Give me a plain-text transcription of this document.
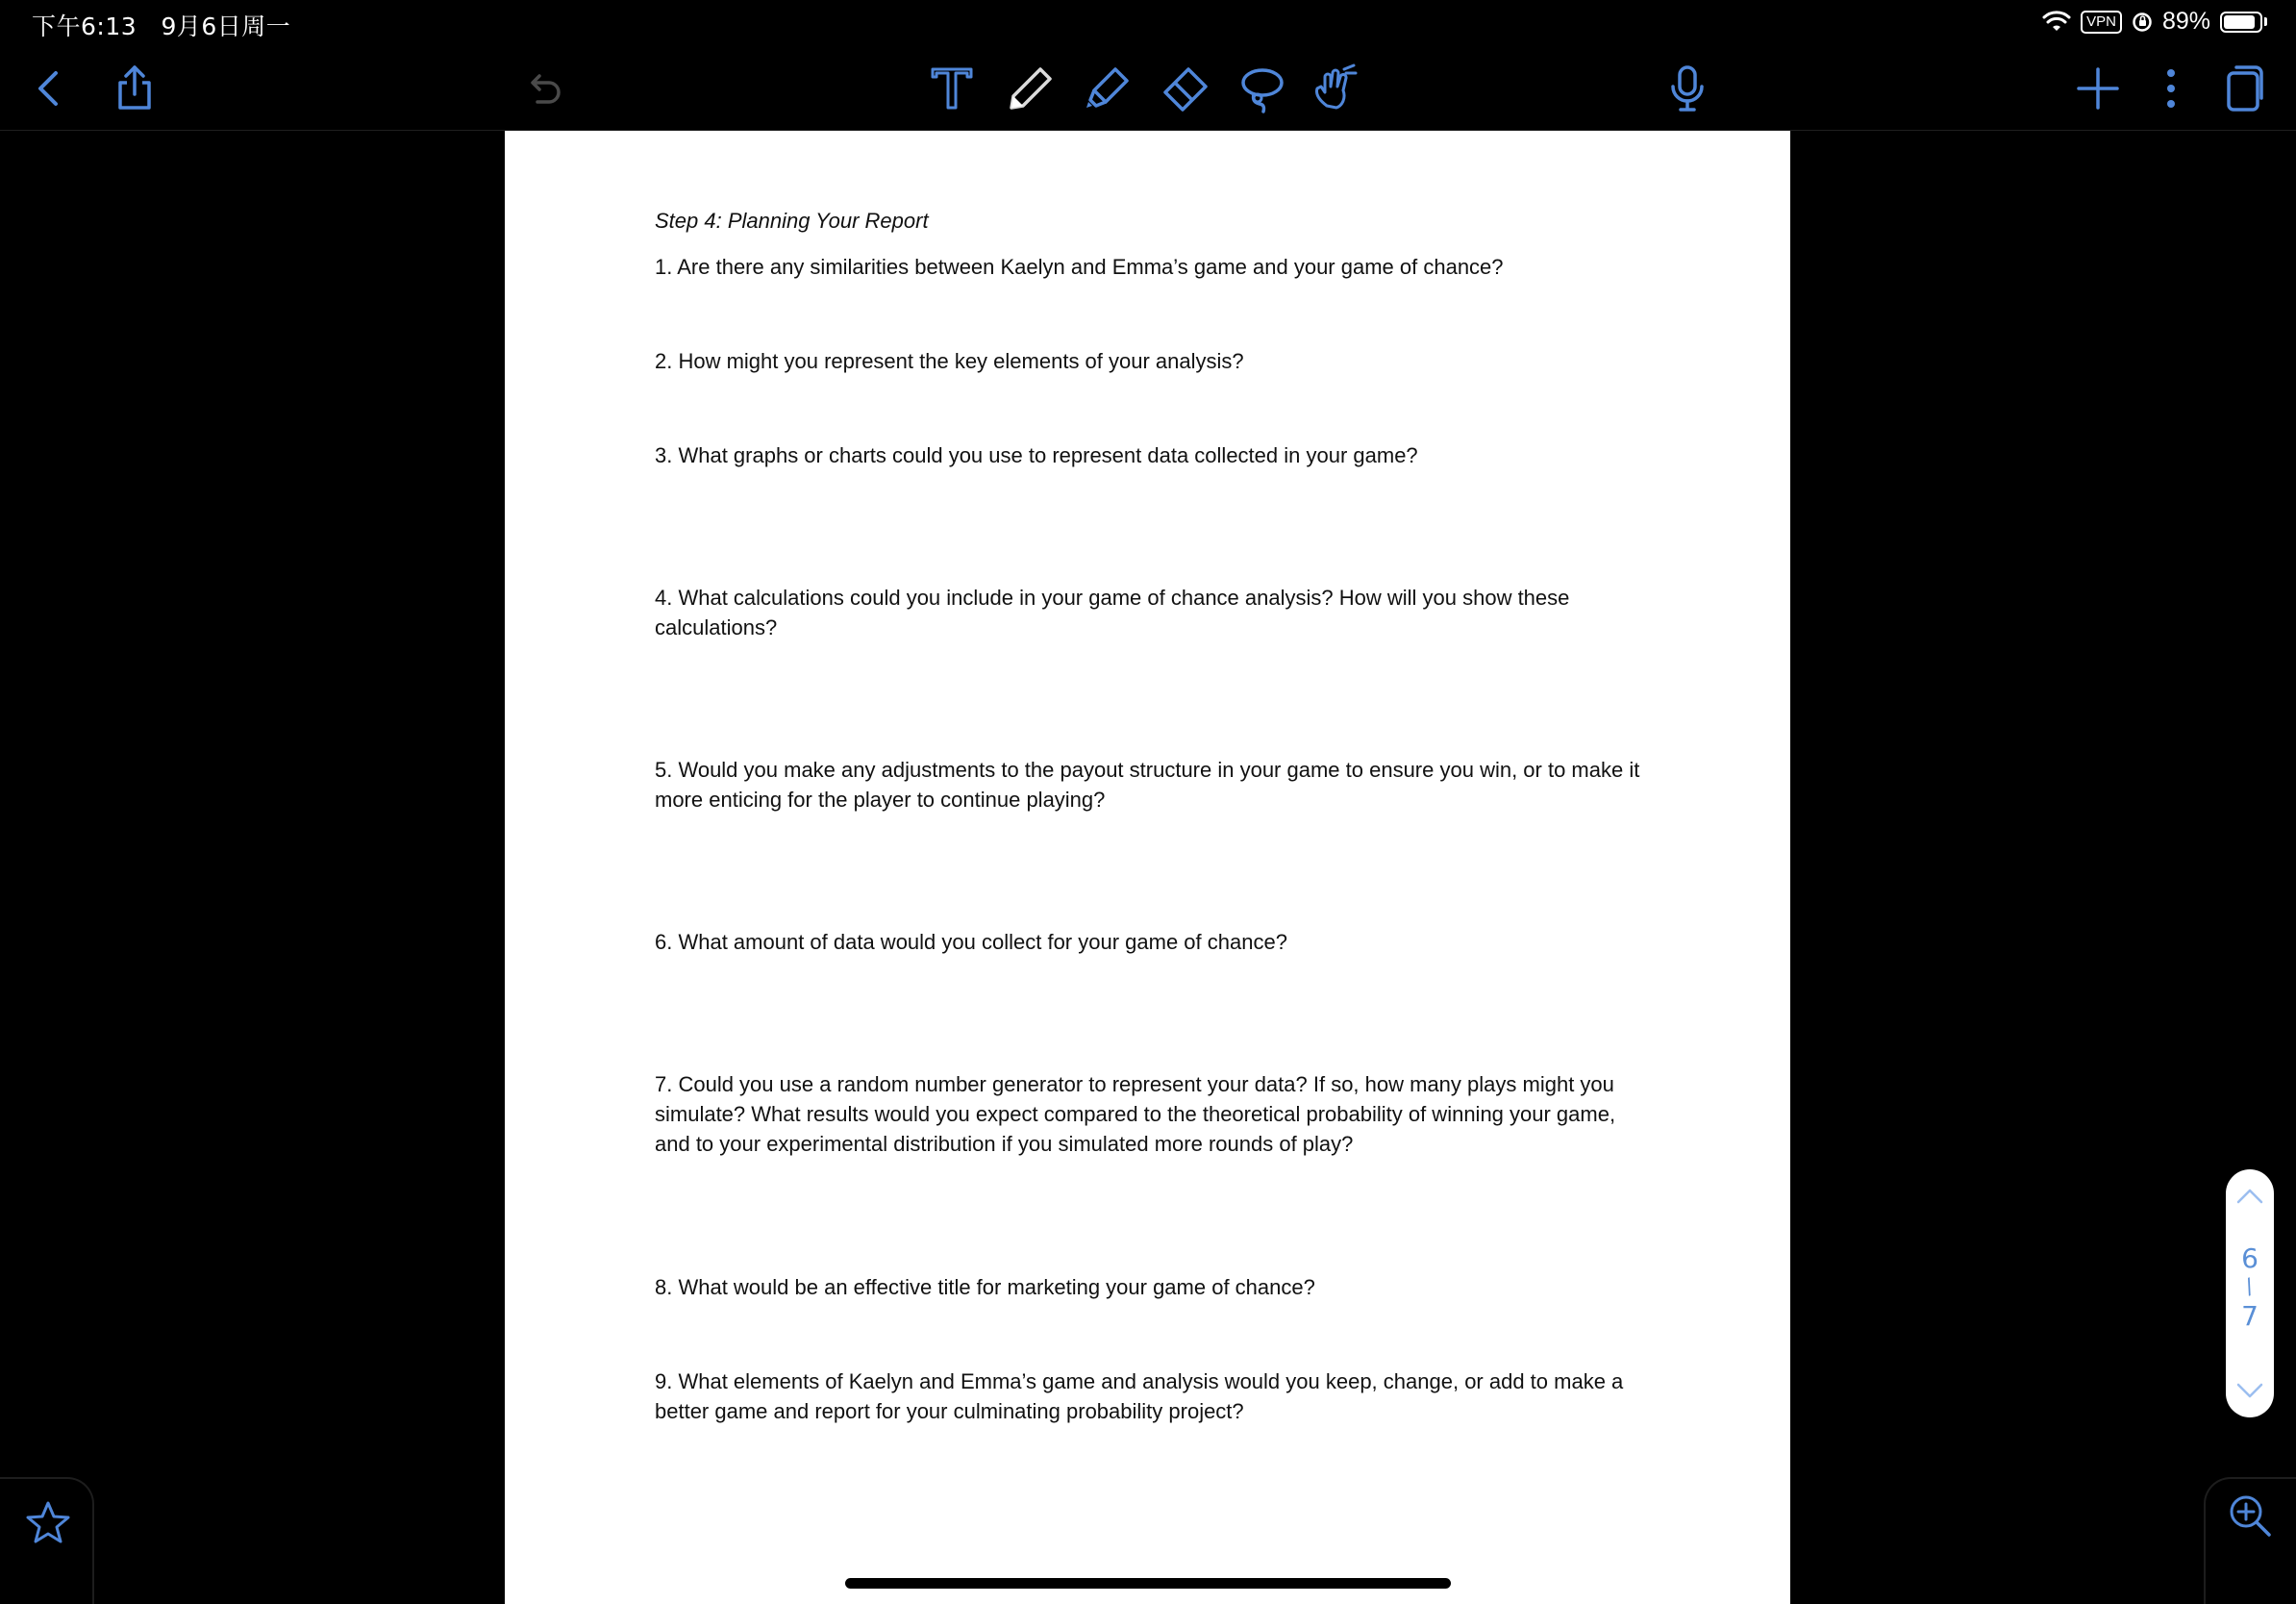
下午6:13 9月6日周一	VPN 89%

Step 4: Planning Your Report

1. Are there any similarities between Kaelyn and Emma’s game and your game of chance?

2. How might you represent the key elements of your analysis?

3. What graphs or charts could you use to represent data collected in your game?

4. What calculations could you include in your game of chance analysis? How will you show these calculations?

5. Would you make any adjustments to the payout structure in your game to ensure you win, or to make it more enticing for the player to continue playing?

6. What amount of data would you collect for your game of chance?

7. Could you use a random number generator to represent your data? If so, how many plays might you simulate? What results would you expect compared to the theoretical probability of winning your game, and to your experimental distribution if you simulated more rounds of play?

8. What would be an effective title for marketing your game of chance?

9. What elements of Kaelyn and Emma’s game and analysis would you keep, change, or add to make a better game and report for your culminating probability project?

6
/
7
